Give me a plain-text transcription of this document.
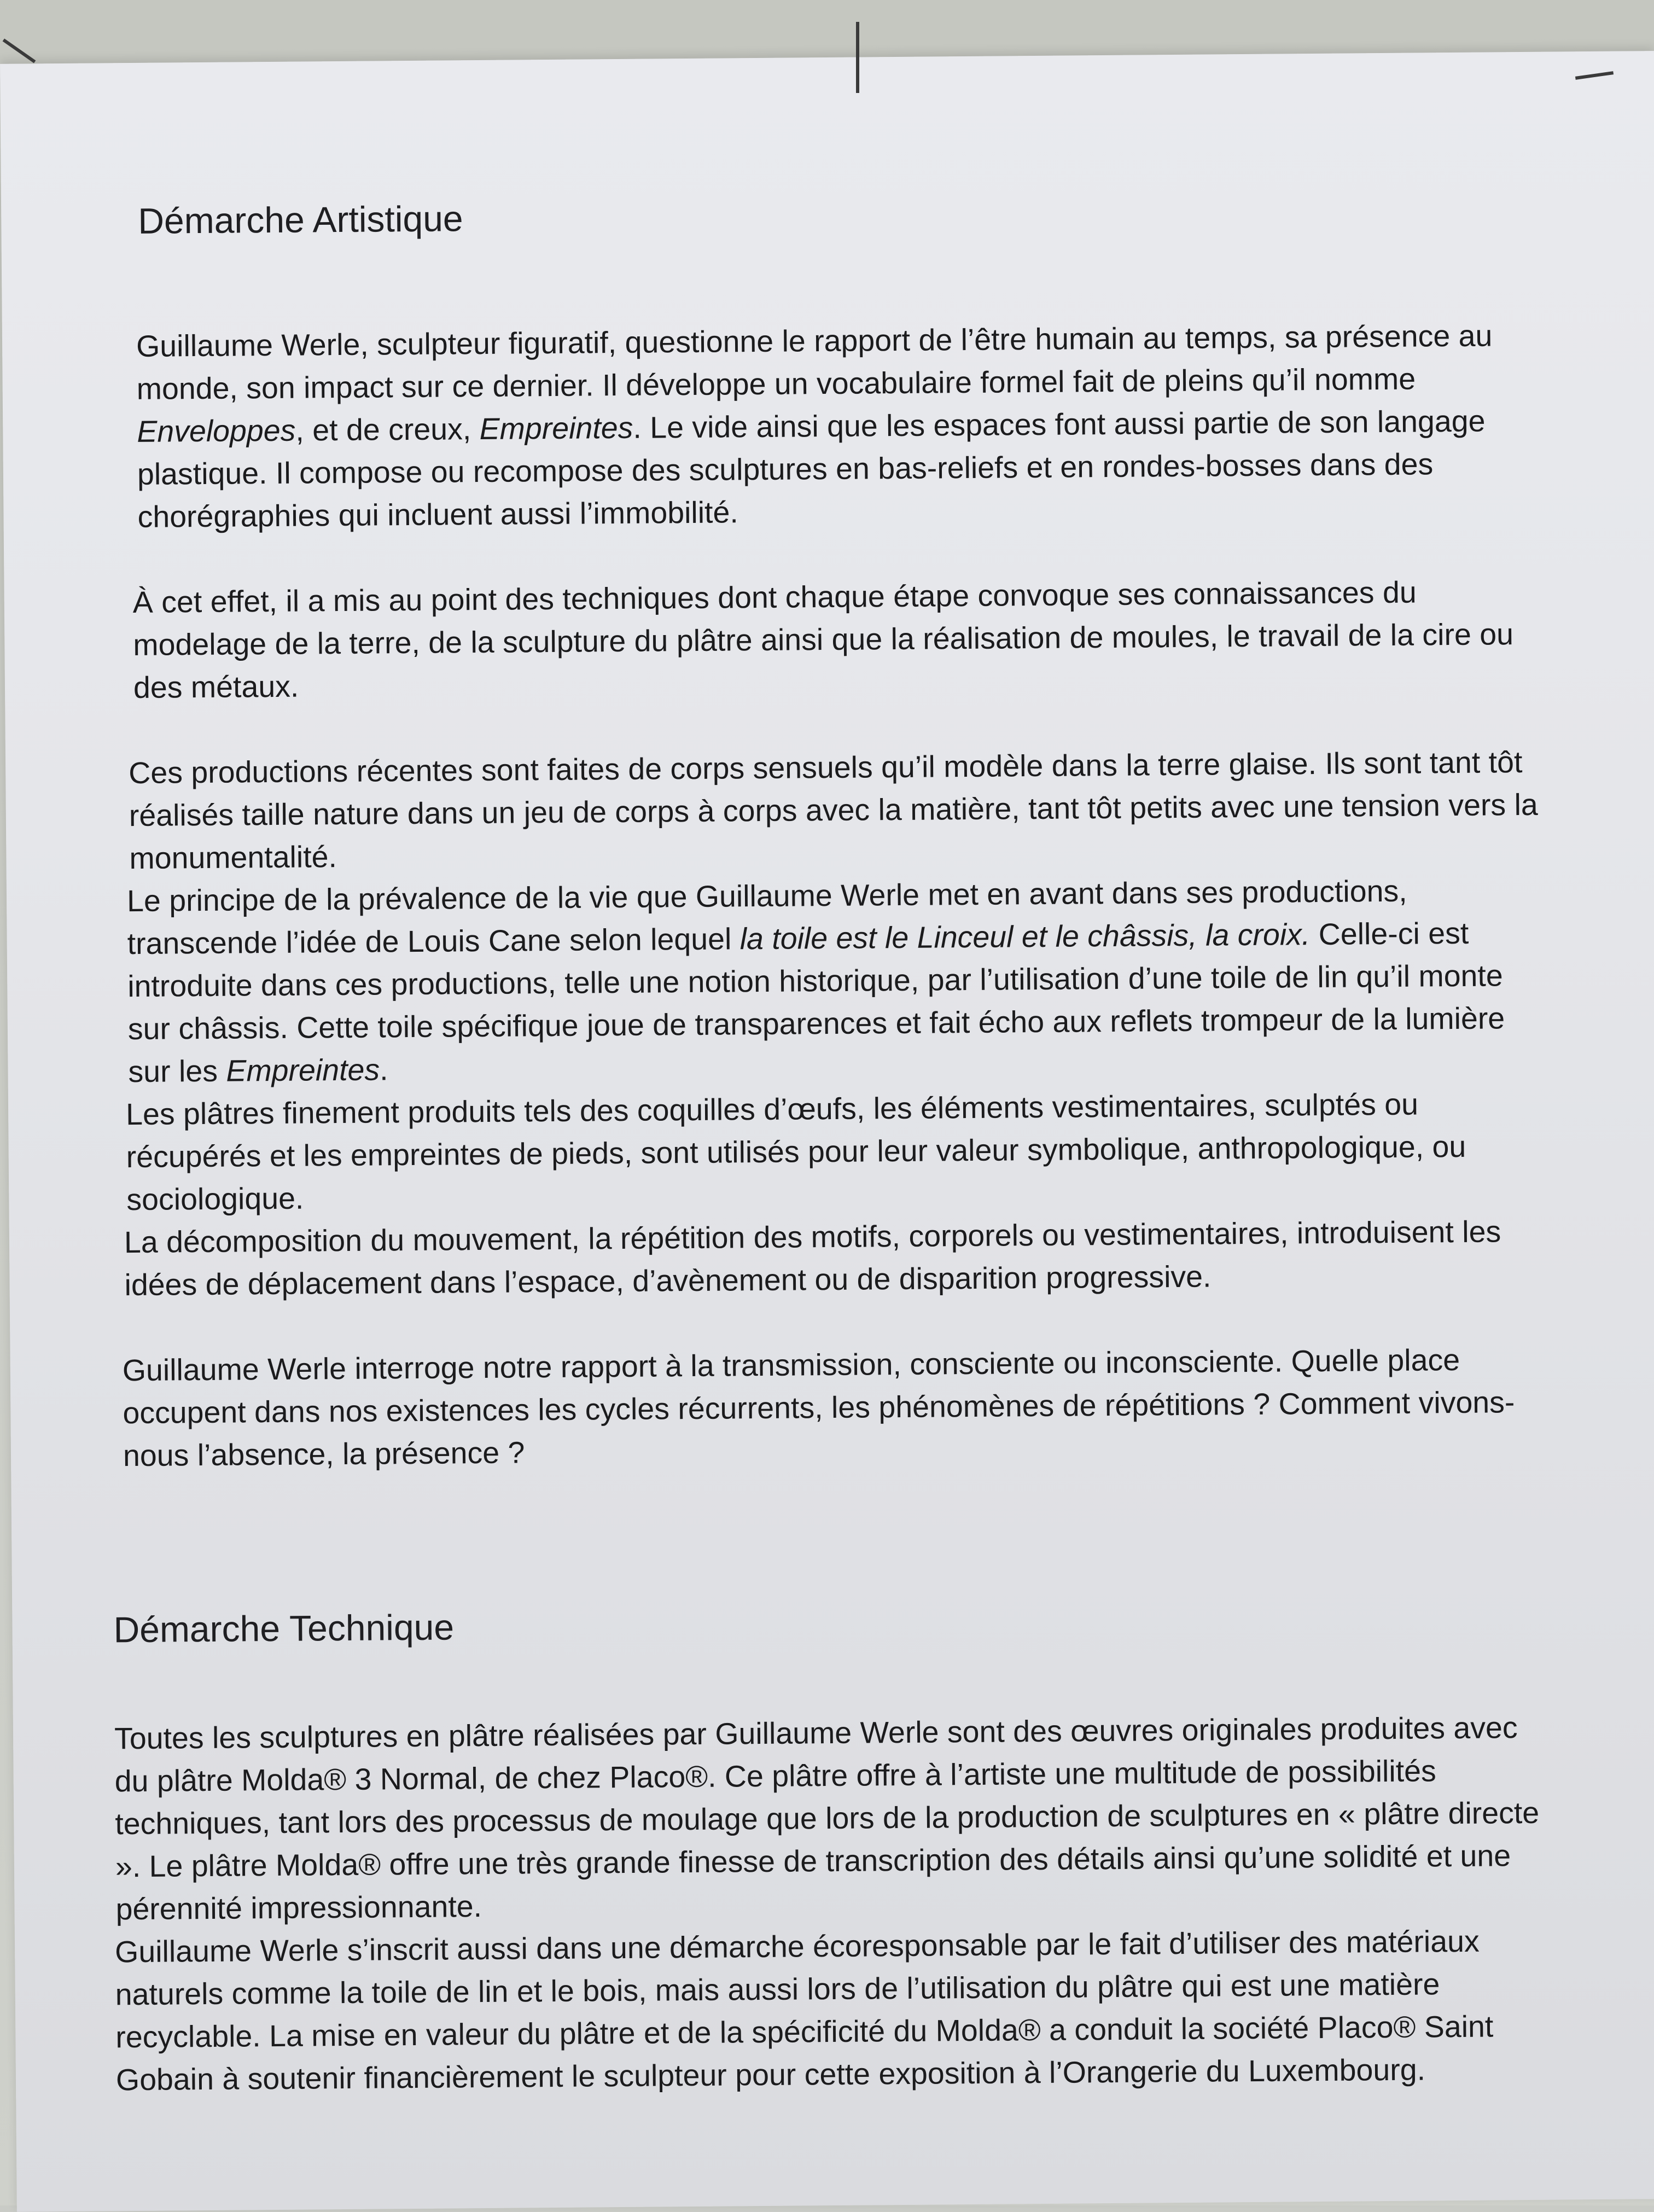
Démarche Artistique

Guillaume Werle, sculpteur figuratif, questionne le rapport de l’être humain au temps, sa présence au monde, son impact sur ce dernier. Il développe un vocabulaire formel fait de pleins qu’il nomme Enveloppes, et de creux, Empreintes. Le vide ainsi que les espaces font aussi partie de son langage plastique. Il compose ou recompose des sculptures en bas-reliefs et en rondes-bosses dans des chorégraphies qui incluent aussi l’immobilité.

À cet effet, il a mis au point des techniques dont chaque étape convoque ses connaissances du modelage de la terre, de la sculpture du plâtre ainsi que la réalisation de moules, le travail de la cire ou des métaux.

Ces productions récentes sont faites de corps sensuels qu’il modèle dans la terre glaise. Ils sont tant tôt réalisés taille nature dans un jeu de corps à corps avec la matière, tant tôt petits avec une tension vers la monumentalité.

Le principe de la prévalence de la vie que Guillaume Werle met en avant dans ses productions, transcende l’idée de Louis Cane selon lequel la toile est le Linceul et le châssis, la croix. Celle-ci est introduite dans ces productions, telle une notion historique, par l’utilisation d’une toile de lin qu’il monte sur châssis. Cette toile spécifique joue de transparences et fait écho aux reflets trompeur de la lumière sur les Empreintes.

Les plâtres finement produits tels des coquilles d’œufs, les éléments vestimentaires, sculptés ou récupérés et les empreintes de pieds, sont utilisés pour leur valeur symbolique, anthropologique, ou sociologique.

La décomposition du mouvement, la répétition des motifs, corporels ou vestimentaires, introduisent les idées de déplacement dans l’espace, d’avènement ou de disparition progressive.

Guillaume Werle interroge notre rapport à la transmission, consciente ou inconsciente. Quelle place occupent dans nos existences les cycles récurrents, les phénomènes de répétitions ? Comment vivons-nous l’absence, la présence ?

Démarche Technique

Toutes les sculptures en plâtre réalisées par Guillaume Werle sont des œuvres originales produites avec du plâtre Molda® 3 Normal, de chez Placo®. Ce plâtre offre à l’artiste une multitude de possibilités techniques, tant lors des processus de moulage que lors de la production de sculptures en « plâtre directe ». Le plâtre Molda® offre une très grande finesse de transcription des détails ainsi qu’une solidité et une pérennité impressionnante.

Guillaume Werle s’inscrit aussi dans une démarche écoresponsable par le fait d’utiliser des matériaux naturels comme la toile de lin et le bois, mais aussi lors de l’utilisation du plâtre qui est une matière recyclable. La mise en valeur du plâtre et de la spécificité du Molda® a conduit la société Placo® Saint Gobain à soutenir financièrement le sculpteur pour cette exposition à l’Orangerie du Luxembourg.
